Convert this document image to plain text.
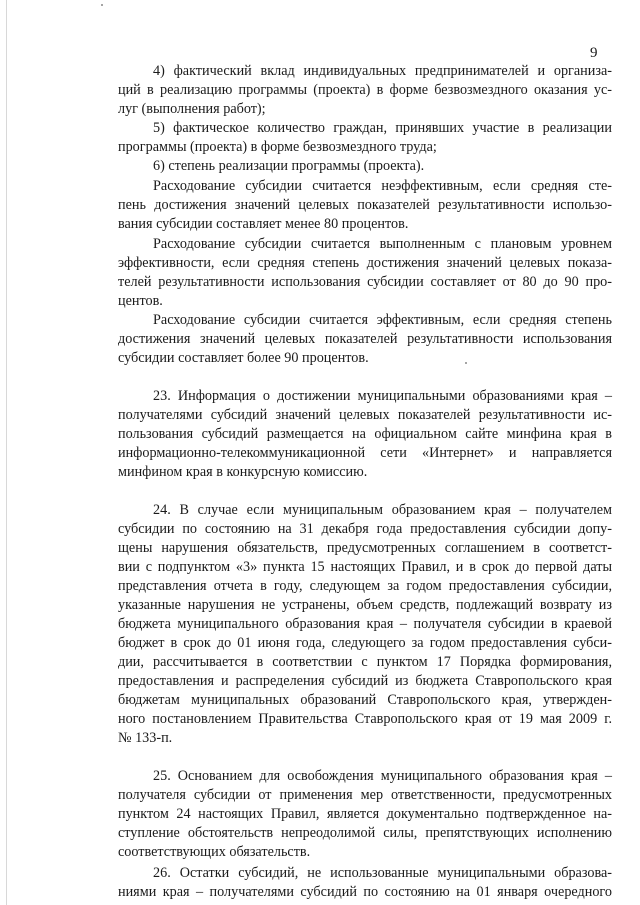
9
4) фактический вклад индивидуальных предпринимателей и организа-
ций в реализацию программы (проекта) в форме безвозмездного оказания ус-
луг (выполнения работ);
5) фактическое количество граждан, принявших участие в реализации
программы (проекта) в форме безвозмездного труда;
6) степень реализации программы (проекта).
Расходование субсидии считается неэффективным, если средняя сте-
пень достижения значений целевых показателей результативности использо-
вания субсидии составляет менее 80 процентов.
Расходование субсидии считается выполненным с плановым уровнем
эффективности, если средняя степень достижения значений целевых показа-
телей результативности использования субсидии составляет от 80 до 90 про-
центов.
Расходование субсидии считается эффективным, если средняя степень
достижения значений целевых показателей результативности использования
субсидии составляет более 90 процентов.
23. Информация о достижении муниципальными образованиями края –
получателями субсидий значений целевых показателей результативности ис-
пользования субсидий размещается на официальном сайте минфина края в
информационно-телекоммуникационной сети «Интернет» и направляется
минфином края в конкурсную комиссию.
24. В случае если муниципальным образованием края – получателем
субсидии по состоянию на 31 декабря года предоставления субсидии допу-
щены нарушения обязательств, предусмотренных соглашением в соответст-
вии с подпунктом «3» пункта 15 настоящих Правил, и в срок до первой даты
представления отчета в году, следующем за годом предоставления субсидии,
указанные нарушения не устранены, объем средств, подлежащий возврату из
бюджета муниципального образования края – получателя субсидии в краевой
бюджет в срок до 01 июня года, следующего за годом предоставления субси-
дии, рассчитывается в соответствии с пунктом 17 Порядка формирования,
предоставления и распределения субсидий из бюджета Ставропольского края
бюджетам муниципальных образований Ставропольского края, утвержден-
ного постановлением Правительства Ставропольского края от 19 мая 2009 г.
№ 133-п.
25. Основанием для освобождения муниципального образования края –
получателя субсидии от применения мер ответственности, предусмотренных
пунктом 24 настоящих Правил, является документально подтвержденное на-
ступление обстоятельств непреодолимой силы, препятствующих исполнению
соответствующих обязательств.
26. Остатки субсидий, не использованные муниципальными образова-
ниями края – получателями субсидий по состоянию на 01 января очередного
